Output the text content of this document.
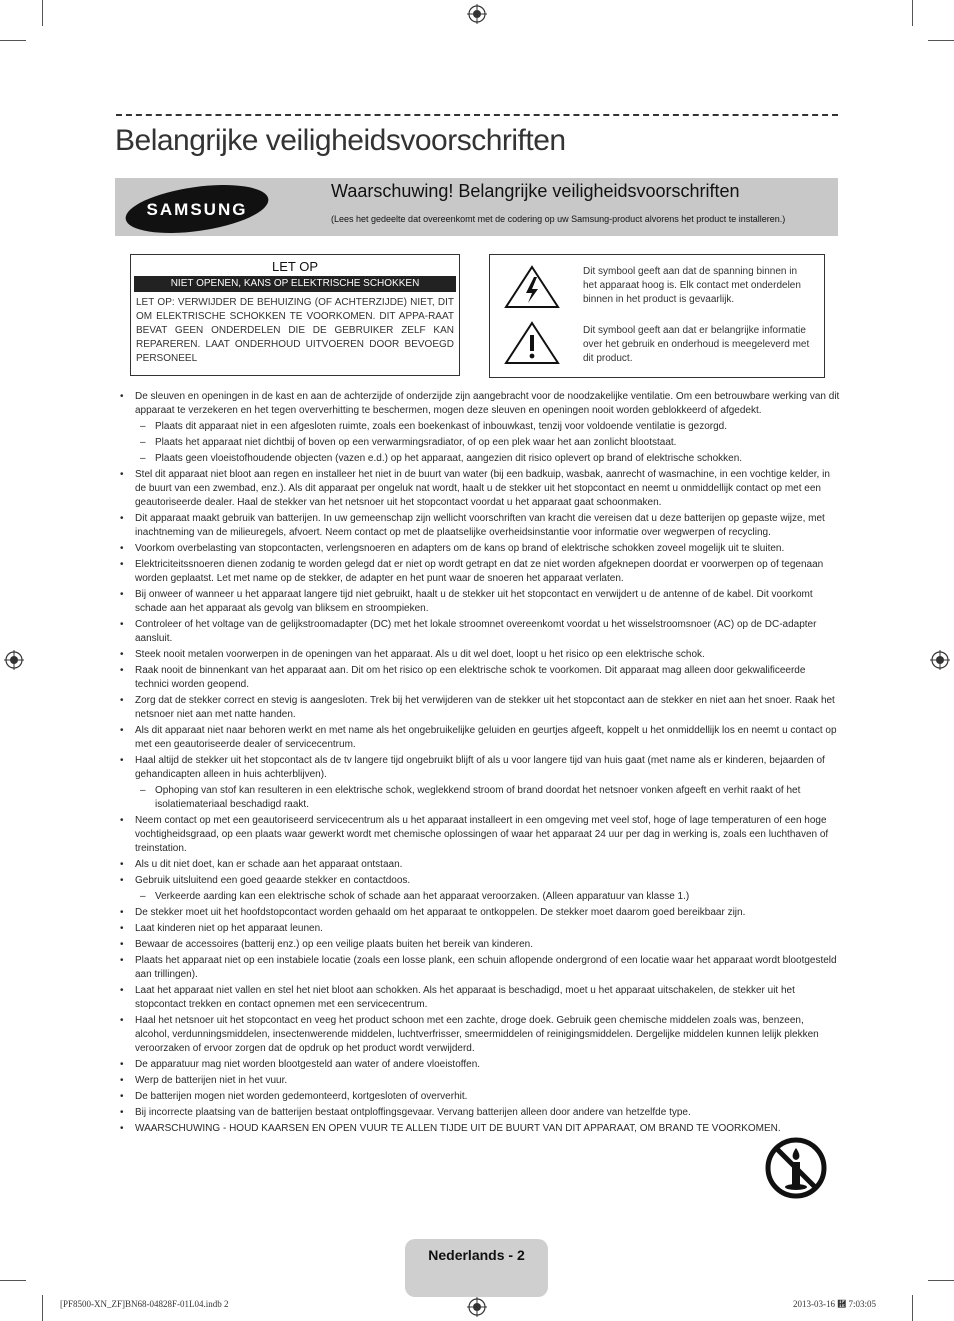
Belangrijke veiligheidsvoorschriften
SAMSUNG
Waarschuwing! Belangrijke veiligheidsvoorschriften
(Lees het gedeelte dat overeenkomt met de codering op uw Samsung-product alvorens het product te installeren.)
LET OP
NIET OPENEN, KANS OP ELEKTRISCHE SCHOKKEN
LET OP: VERWIJDER DE BEHUIZING (OF ACHTERZIJDE) NIET, DIT OM ELEKTRISCHE SCHOKKEN TE VOORKOMEN. DIT APPA-RAAT BEVAT GEEN ONDERDELEN DIE DE GEBRUIKER ZELF KAN REPAREREN. LAAT ONDERHOUD UITVOEREN DOOR BEVOEGD PERSONEEL
Dit symbool geeft aan dat de spanning binnen in het apparaat hoog is. Elk contact met onderdelen binnen in het product is gevaarlijk.
Dit symbool geeft aan dat er belangrijke informatie over het gebruik en onderhoud is meegeleverd met dit product.
• De sleuven en openingen in de kast en aan de achterzijde of onderzijde zijn aangebracht voor de noodzakelijke ventilatie. Om een betrouwbare werking van dit apparaat te verzekeren en het tegen oververhitting te beschermen, mogen deze sleuven en openingen nooit worden geblokkeerd of afgedekt.
– Plaats dit apparaat niet in een afgesloten ruimte, zoals een boekenkast of inbouwkast, tenzij voor voldoende ventilatie is gezorgd.
– Plaats het apparaat niet dichtbij of boven op een verwarmingsradiator, of op een plek waar het aan zonlicht blootstaat.
– Plaats geen vloeistofhoudende objecten (vazen e.d.) op het apparaat, aangezien dit risico oplevert op brand of elektrische schokken.
• Stel dit apparaat niet bloot aan regen en installeer het niet in de buurt van water (bij een badkuip, wasbak, aanrecht of wasmachine, in een vochtige kelder, in de buurt van een zwembad, enz.). Als dit apparaat per ongeluk nat wordt, haalt u de stekker uit het stopcontact en neemt u onmiddellijk contact op met een geautoriseerde dealer. Haal de stekker van het netsnoer uit het stopcontact voordat u het apparaat gaat schoonmaken.
• Dit apparaat maakt gebruik van batterijen. In uw gemeenschap zijn wellicht voorschriften van kracht die vereisen dat u deze batterijen op gepaste wijze, met inachtneming van de milieuregels, afvoert. Neem contact op met de plaatselijke overheidsinstantie voor informatie over wegwerpen of recycling.
• Voorkom overbelasting van stopcontacten, verlengsnoeren en adapters om de kans op brand of elektrische schokken zoveel mogelijk uit te sluiten.
• Elektriciteitssnoeren dienen zodanig te worden gelegd dat er niet op wordt getrapt en dat ze niet worden afgeknepen doordat er voorwerpen op of tegenaan worden geplaatst. Let met name op de stekker, de adapter en het punt waar de snoeren het apparaat verlaten.
• Bij onweer of wanneer u het apparaat langere tijd niet gebruikt, haalt u de stekker uit het stopcontact en verwijdert u de antenne of de kabel. Dit voorkomt schade aan het apparaat als gevolg van bliksem en stroompieken.
• Controleer of het voltage van de gelijkstroomadapter (DC) met het lokale stroomnet overeenkomt voordat u het wisselstroomsnoer (AC) op de DC-adapter aansluit.
• Steek nooit metalen voorwerpen in de openingen van het apparaat. Als u dit wel doet, loopt u het risico op een elektrische schok.
• Raak nooit de binnenkant van het apparaat aan. Dit om het risico op een elektrische schok te voorkomen. Dit apparaat mag alleen door gekwalificeerde technici worden geopend.
• Zorg dat de stekker correct en stevig is aangesloten. Trek bij het verwijderen van de stekker uit het stopcontact aan de stekker en niet aan het snoer. Raak het netsnoer niet aan met natte handen.
• Als dit apparaat niet naar behoren werkt en met name als het ongebruikelijke geluiden en geurtjes afgeeft, koppelt u het onmiddellijk los en neemt u contact op met een geautoriseerde dealer of servicecentrum.
• Haal altijd de stekker uit het stopcontact als de tv langere tijd ongebruikt blijft of als u voor langere tijd van huis gaat (met name als er kinderen, bejaarden of gehandicapten alleen in huis achterblijven).
– Ophoping van stof kan resulteren in een elektrische schok, weglekkend stroom of brand doordat het netsnoer vonken afgeeft en verhit raakt of het isolatiemateriaal beschadigd raakt.
• Neem contact op met een geautoriseerd servicecentrum als u het apparaat installeert in een omgeving met veel stof, hoge of lage temperaturen of een hoge vochtigheidsgraad, op een plaats waar gewerkt wordt met chemische oplossingen of waar het apparaat 24 uur per dag in werking is, zoals een luchthaven of treinstation.
• Als u dit niet doet, kan er schade aan het apparaat ontstaan.
• Gebruik uitsluitend een goed geaarde stekker en contactdoos.
– Verkeerde aarding kan een elektrische schok of schade aan het apparaat veroorzaken. (Alleen apparatuur van klasse 1.)
• De stekker moet uit het hoofdstopcontact worden gehaald om het apparaat te ontkoppelen. De stekker moet daarom goed bereikbaar zijn.
• Laat kinderen niet op het apparaat leunen.
• Bewaar de accessoires (batterij enz.) op een veilige plaats buiten het bereik van kinderen.
• Plaats het apparaat niet op een instabiele locatie (zoals een losse plank, een schuin aflopende ondergrond of een locatie waar het apparaat wordt blootgesteld aan trillingen).
• Laat het apparaat niet vallen en stel het niet bloot aan schokken. Als het apparaat is beschadigd, moet u het apparaat uitschakelen, de stekker uit het stopcontact trekken en contact opnemen met een servicecentrum.
• Haal het netsnoer uit het stopcontact en veeg het product schoon met een zachte, droge doek. Gebruik geen chemische middelen zoals was, benzeen, alcohol, verdunningsmiddelen, insectenwerende middelen, luchtverfrisser, smeermiddelen of reinigingsmiddelen. Dergelijke middelen kunnen lelijk plekken veroorzaken of ervoor zorgen dat de opdruk op het product wordt verwijderd.
• De apparatuur mag niet worden blootgesteld aan water of andere vloeistoffen.
• Werp de batterijen niet in het vuur.
• De batterijen mogen niet worden gedemonteerd, kortgesloten of oververhit.
• Bij incorrecte plaatsing van de batterijen bestaat ontploffingsgevaar. Vervang batterijen alleen door andere van hetzelfde type.
• WAARSCHUWING - HOUD KAARSEN EN OPEN VUUR TE ALLEN TIJDE UIT DE BUURT VAN DIT APPARAAT, OM BRAND TE VOORKOMEN.
Nederlands - 2
[PF8500-XN_ZF]BN68-04828F-01L04.indb 2	2013-03-16 ἞ 7:03:05
